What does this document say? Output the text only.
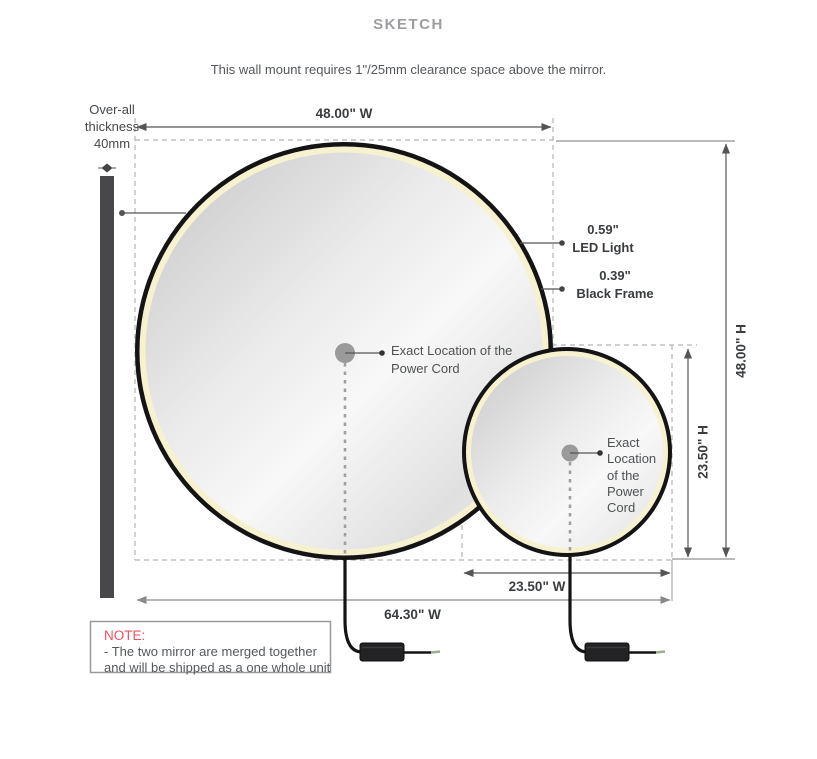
SKETCH
This wall mount requires 1"/25mm clearance space above the mirror.
Over-all
thickness
40mm
48.00" W
48.00" H
23.50" H
23.50" W
64.30" W
0.59"
LED Light
0.39"
Black Frame
Exact Location of the
Power Cord
Exact
Location
of the
Power
Cord
NOTE:
- The two mirror are merged together
and will be shipped as a one whole unit
